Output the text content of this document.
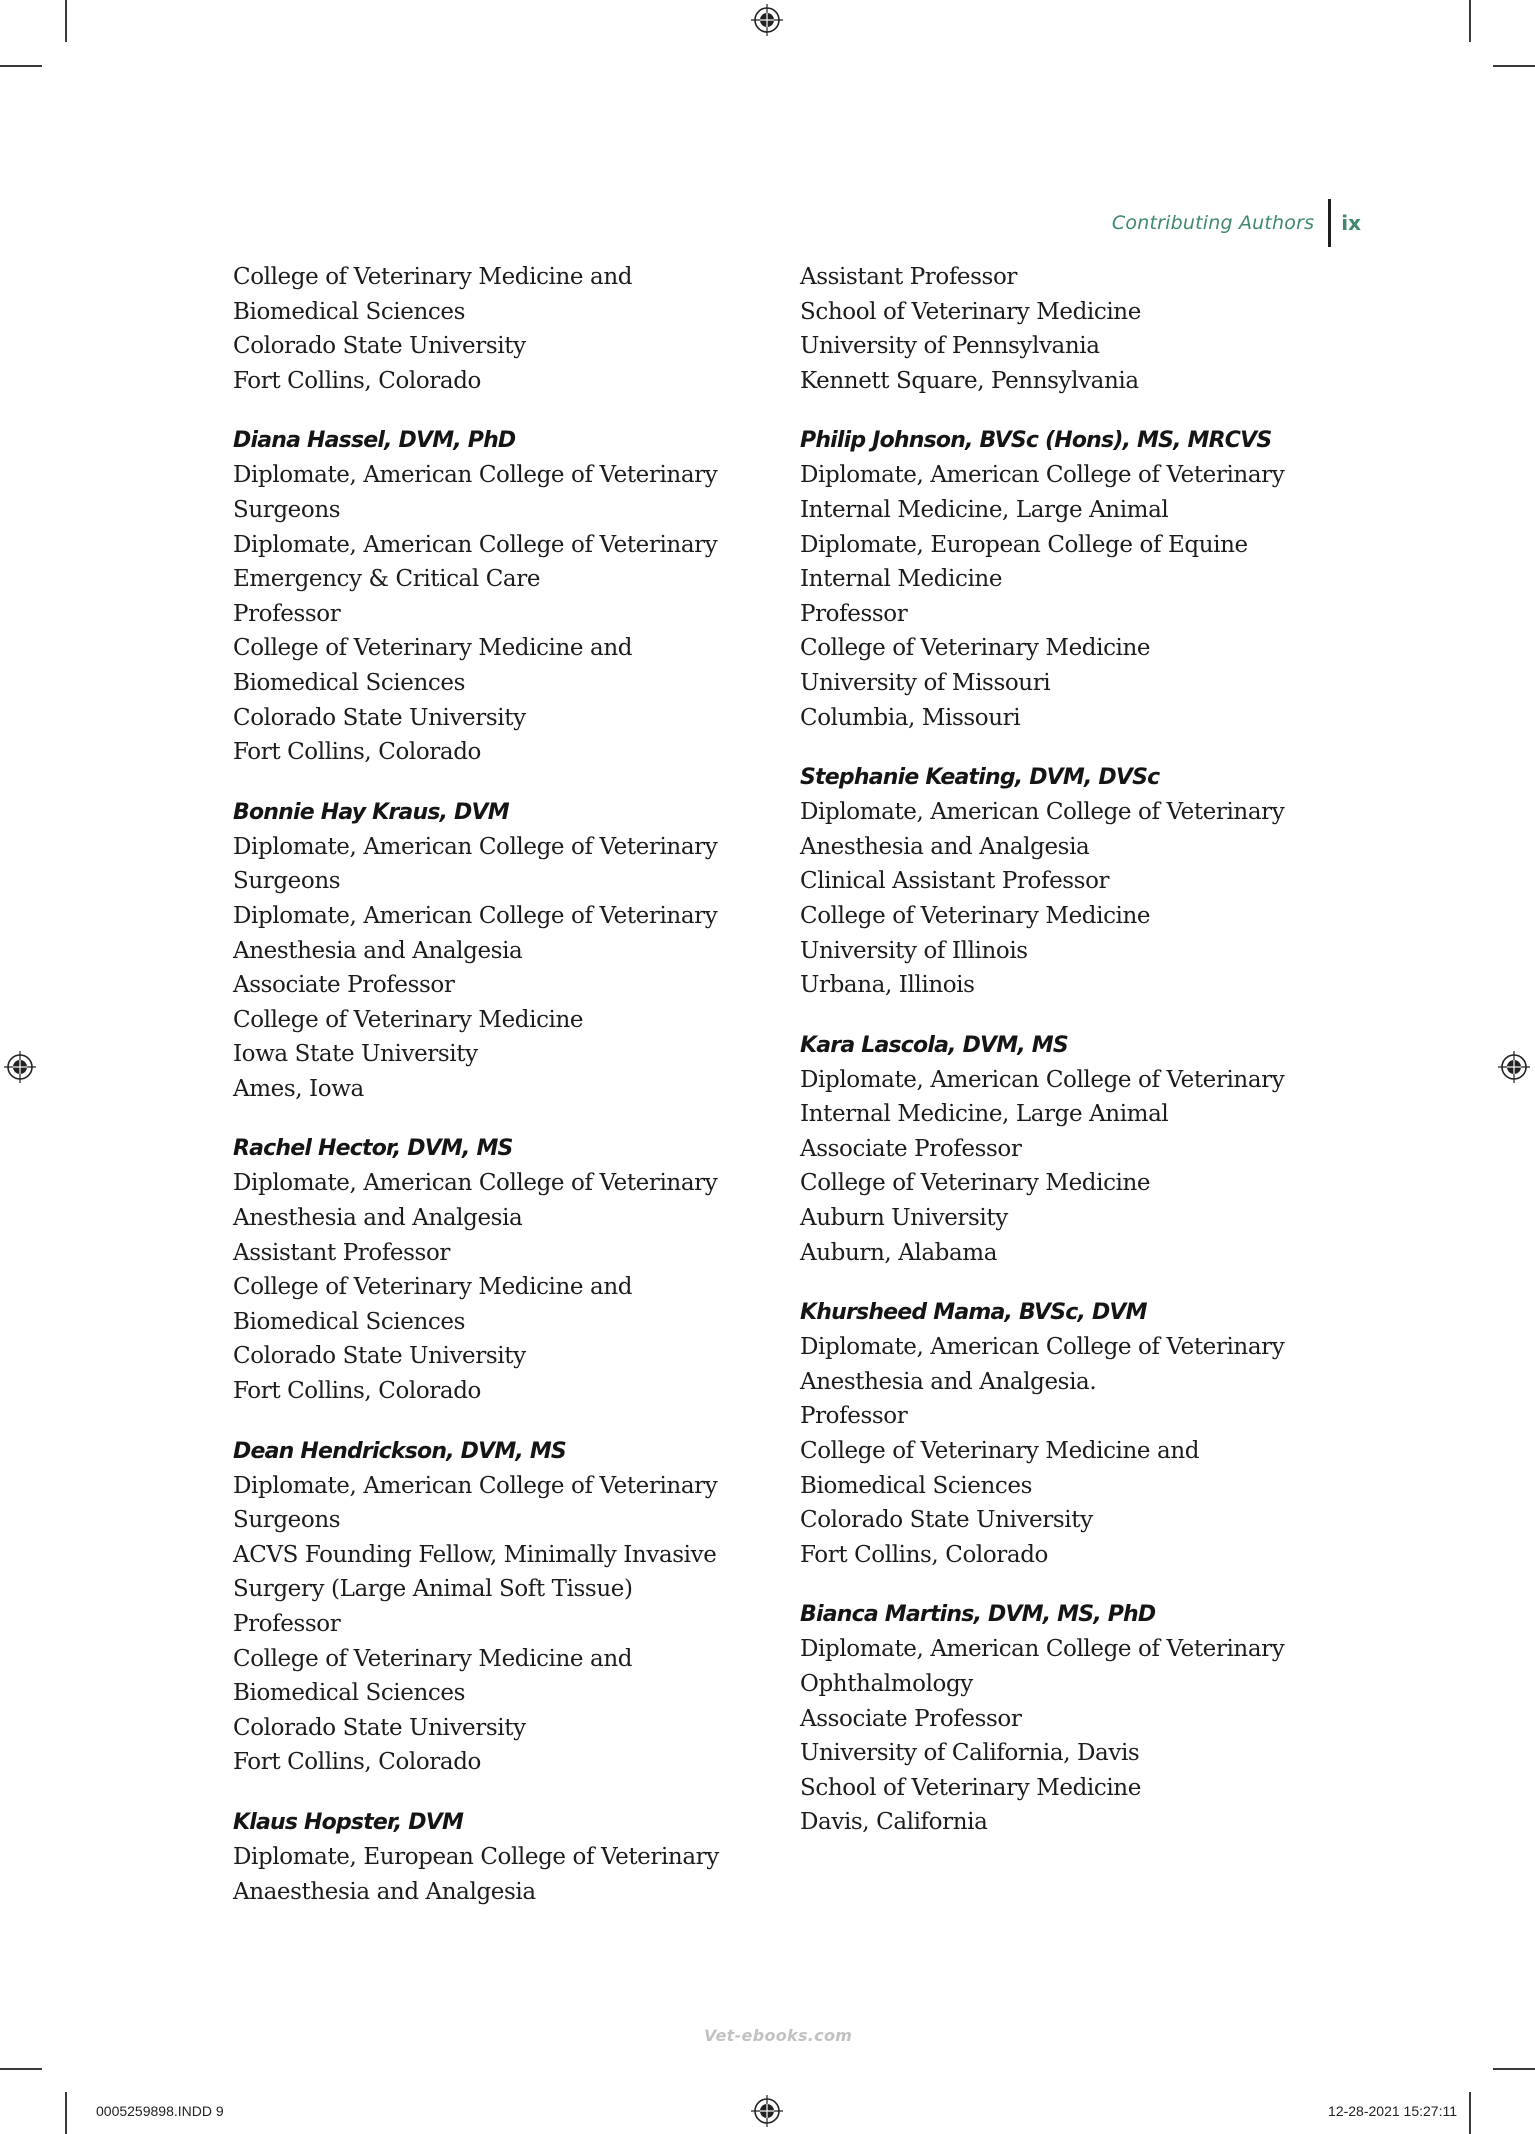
Contributing Authors ix
College of Veterinary Medicine and
Biomedical Sciences
Colorado State University
Fort Collins, Colorado
Diana Hassel, DVM, PhD
Diplomate, American College of Veterinary
Surgeons
Diplomate, American College of Veterinary
Emergency & Critical Care
Professor
College of Veterinary Medicine and
Biomedical Sciences
Colorado State University
Fort Collins, Colorado
Bonnie Hay Kraus, DVM
Diplomate, American College of Veterinary
Surgeons
Diplomate, American College of Veterinary
Anesthesia and Analgesia
Associate Professor
College of Veterinary Medicine
Iowa State University
Ames, Iowa
Rachel Hector, DVM, MS
Diplomate, American College of Veterinary
Anesthesia and Analgesia
Assistant Professor
College of Veterinary Medicine and
Biomedical Sciences
Colorado State University
Fort Collins, Colorado
Dean Hendrickson, DVM, MS
Diplomate, American College of Veterinary
Surgeons
ACVS Founding Fellow, Minimally Invasive
Surgery (Large Animal Soft Tissue)
Professor
College of Veterinary Medicine and
Biomedical Sciences
Colorado State University
Fort Collins, Colorado
Klaus Hopster, DVM
Diplomate, European College of Veterinary
Anaesthesia and Analgesia
Assistant Professor
School of Veterinary Medicine
University of Pennsylvania
Kennett Square, Pennsylvania
Philip Johnson, BVSc (Hons), MS, MRCVS
Diplomate, American College of Veterinary
Internal Medicine, Large Animal
Diplomate, European College of Equine
Internal Medicine
Professor
College of Veterinary Medicine
University of Missouri
Columbia, Missouri
Stephanie Keating, DVM, DVSc
Diplomate, American College of Veterinary
Anesthesia and Analgesia
Clinical Assistant Professor
College of Veterinary Medicine
University of Illinois
Urbana, Illinois
Kara Lascola, DVM, MS
Diplomate, American College of Veterinary
Internal Medicine, Large Animal
Associate Professor
College of Veterinary Medicine
Auburn University
Auburn, Alabama
Khursheed Mama, BVSc, DVM
Diplomate, American College of Veterinary
Anesthesia and Analgesia.
Professor
College of Veterinary Medicine and
Biomedical Sciences
Colorado State University
Fort Collins, Colorado
Bianca Martins, DVM, MS, PhD
Diplomate, American College of Veterinary
Ophthalmology
Associate Professor
University of California, Davis
School of Veterinary Medicine
Davis, California
Vet-ebooks.com
0005259898.INDD 9	12-28-2021 15:27:11
